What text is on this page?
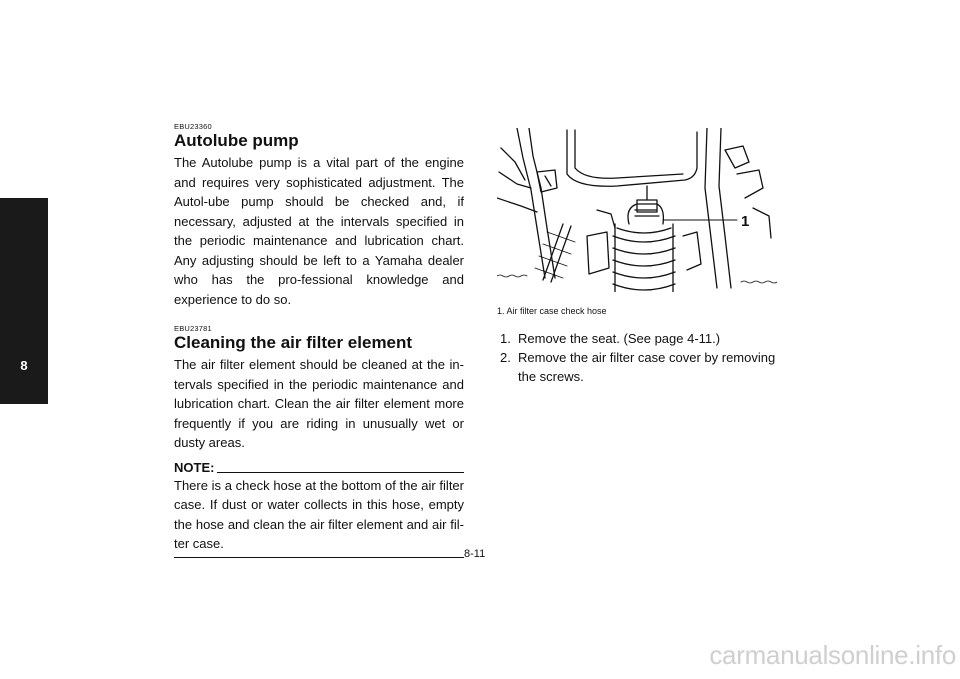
8

EBU23360

Autolube pump

The Autolube pump is a vital part of the engine and requires very sophisticated adjustment. The Autol-ube pump should be checked and, if necessary, adjusted at the intervals specified in the periodic maintenance and lubrication chart. Any adjusting should be left to a Yamaha dealer who has the pro-fessional knowledge and experience to do so.

EBU23781

Cleaning the air filter element

The air filter element should be cleaned at the in-tervals specified in the periodic maintenance and lubrication chart. Clean the air filter element more frequently if you are riding in unusually wet or dusty areas.

NOTE:

There is a check hose at the bottom of the air filter case. If dust or water collects in this hose, empty the hose and clean the air filter element and air fil-ter case.

1
1. Air filter case check hose
1. Remove the seat. (See page 4-11.)
2. Remove the air filter case cover by removing the screws.
8-11
carmanualsonline.info
